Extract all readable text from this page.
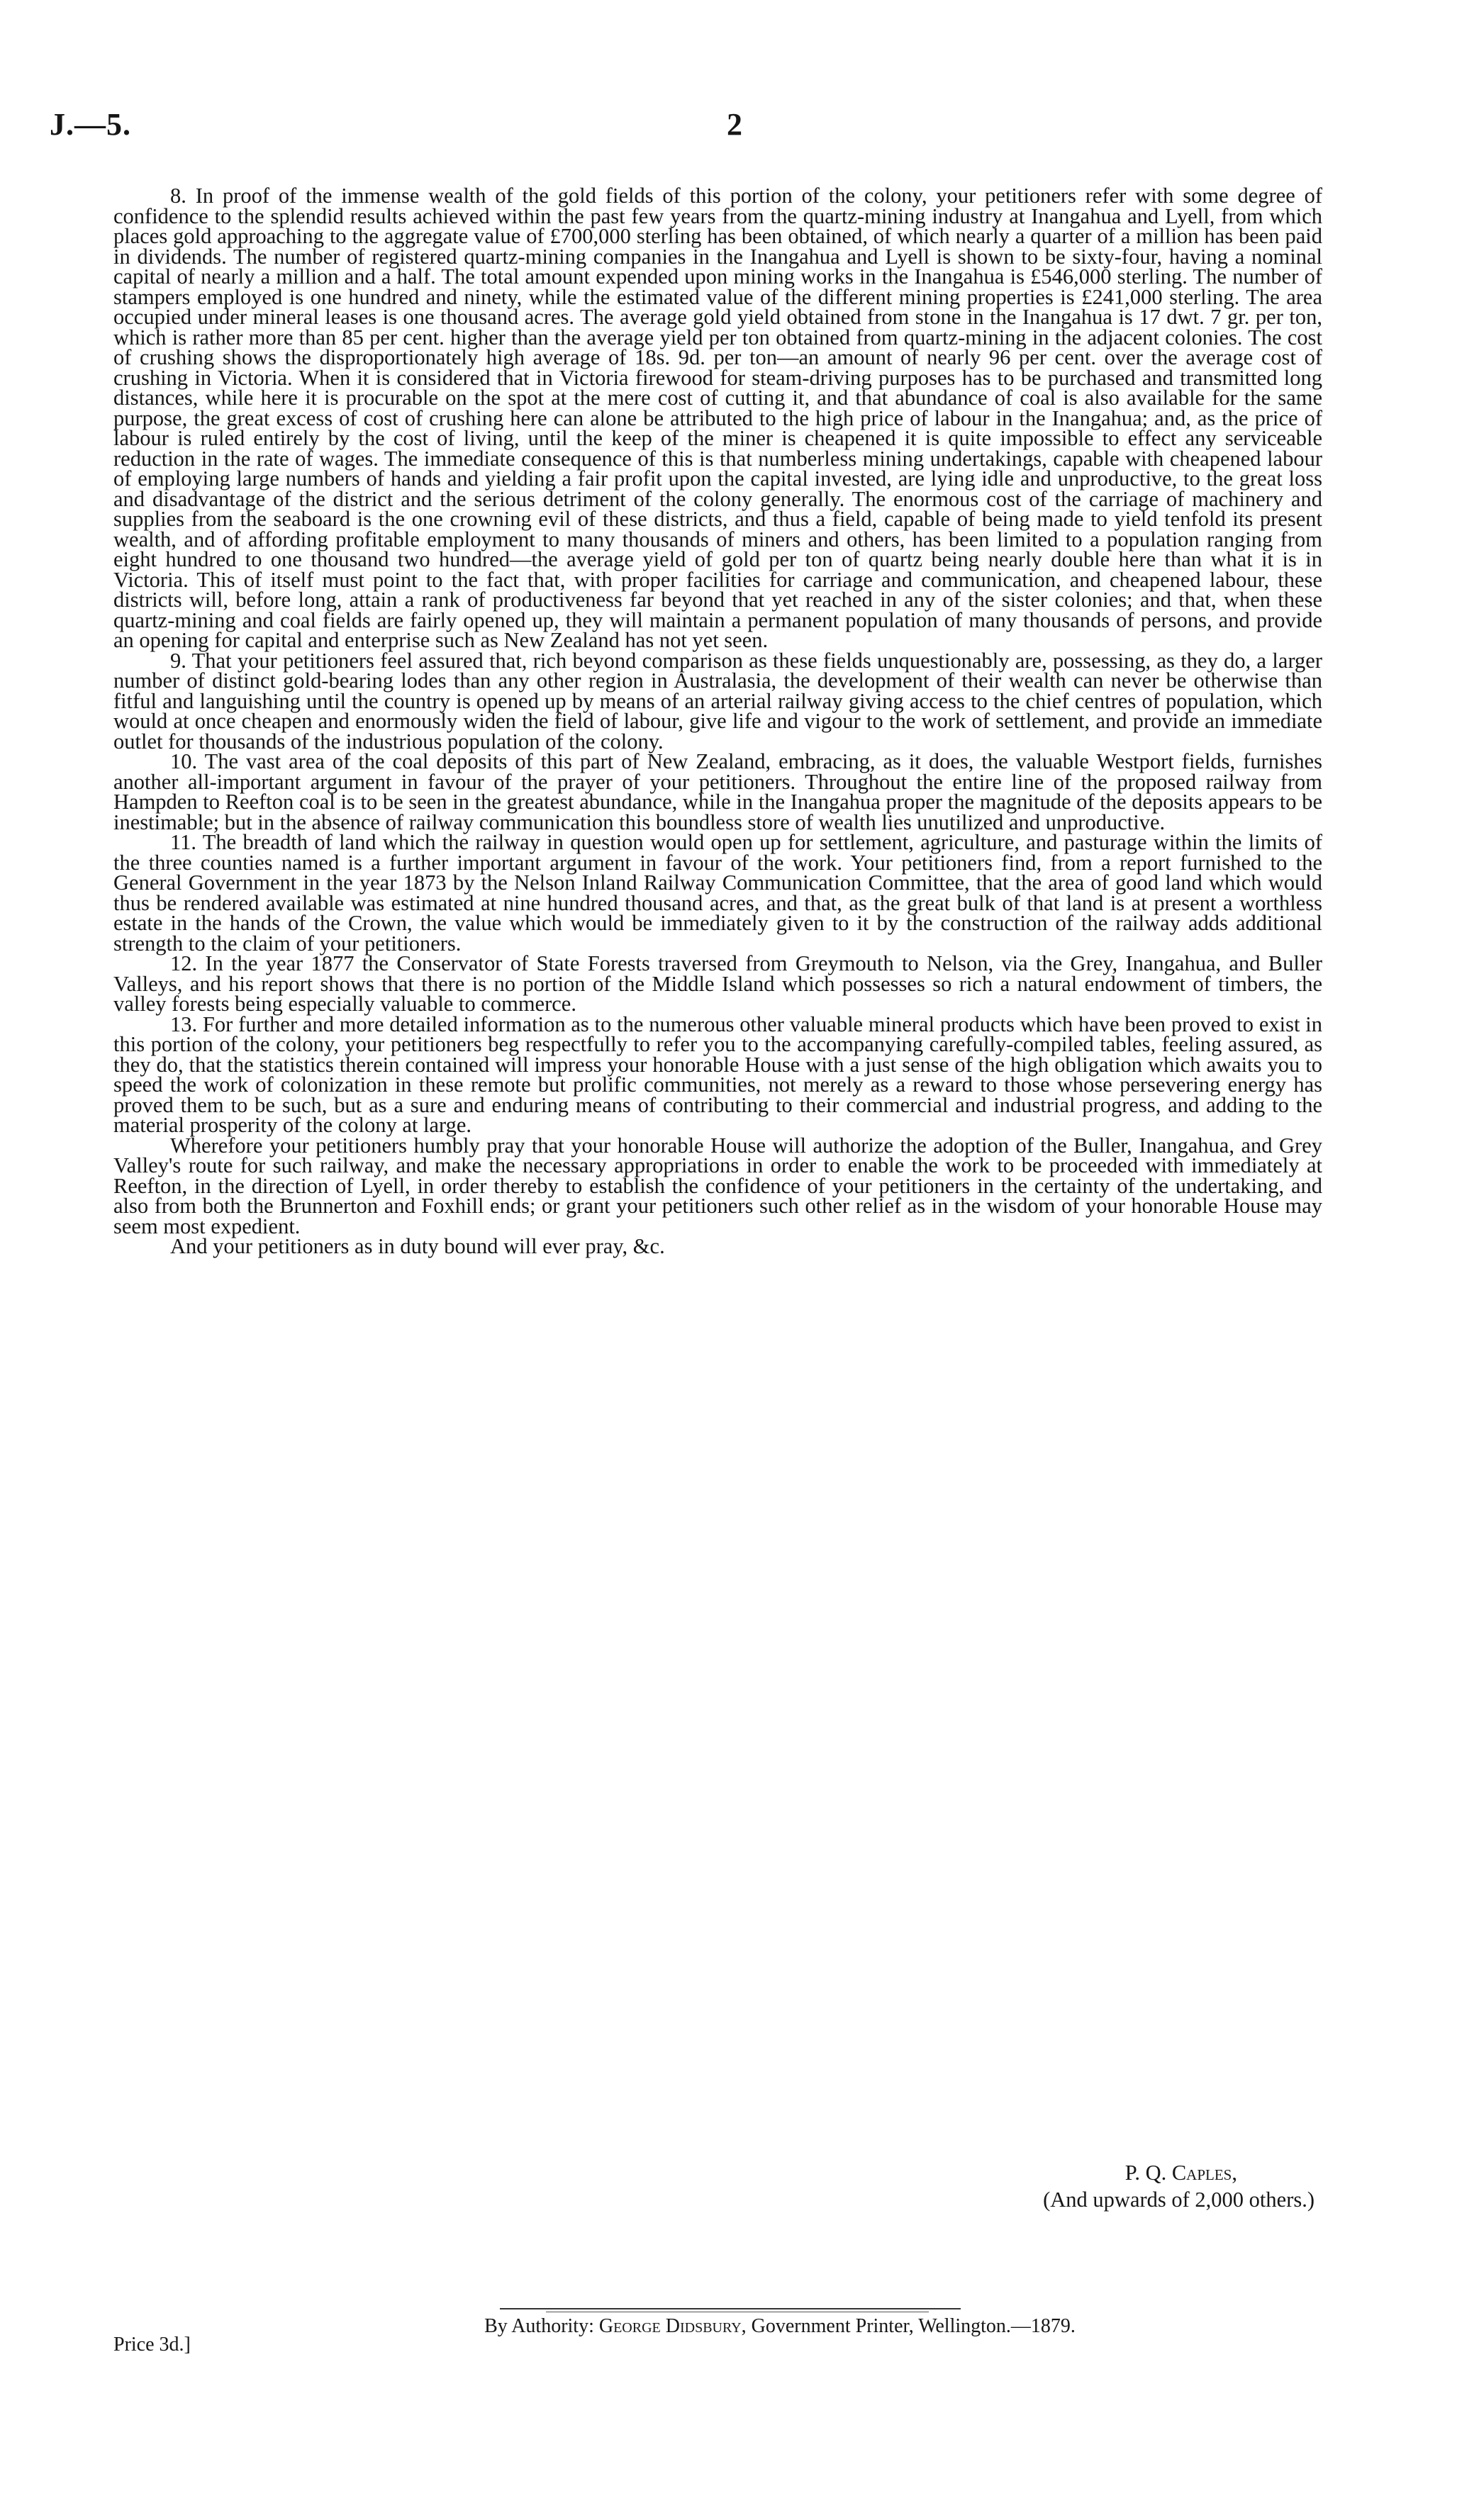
J.—5.	2

8. In proof of the immense wealth of the gold fields of this portion of the colony, your petitioners refer with some degree of confidence to the splendid results achieved within the past few years from the quartz-mining industry at Inangahua and Lyell, from which places gold approaching to the aggregate value of £700,000 sterling has been obtained, of which nearly a quarter of a million has been paid in dividends. The number of registered quartz-mining companies in the Inangahua and Lyell is shown to be sixty-four, having a nominal capital of nearly a million and a half. The total amount expended upon mining works in the Inangahua is £546,000 sterling. The number of stampers employed is one hundred and ninety, while the estimated value of the different mining properties is £241,000 sterling. The area occupied under mineral leases is one thousand acres. The average gold yield obtained from stone in the Inangahua is 17 dwt. 7 gr. per ton, which is rather more than 85 per cent. higher than the average yield per ton obtained from quartz-mining in the adjacent colonies. The cost of crushing shows the disproportionately high average of 18s. 9d. per ton—an amount of nearly 96 per cent. over the average cost of crushing in Victoria. When it is considered that in Victoria firewood for steam-driving purposes has to be purchased and transmitted long distances, while here it is procurable on the spot at the mere cost of cutting it, and that abundance of coal is also available for the same purpose, the great excess of cost of crushing here can alone be attributed to the high price of labour in the Inangahua; and, as the price of labour is ruled entirely by the cost of living, until the keep of the miner is cheapened it is quite impossible to effect any serviceable reduction in the rate of wages. The immediate consequence of this is that numberless mining undertakings, capable with cheapened labour of employing large numbers of hands and yielding a fair profit upon the capital invested, are lying idle and unproductive, to the great loss and disadvantage of the district and the serious detriment of the colony generally. The enormous cost of the carriage of machinery and supplies from the seaboard is the one crowning evil of these districts, and thus a field, capable of being made to yield tenfold its present wealth, and of affording profitable employment to many thousands of miners and others, has been limited to a population ranging from eight hundred to one thousand two hundred—the average yield of gold per ton of quartz being nearly double here than what it is in Victoria. This of itself must point to the fact that, with proper facilities for carriage and communication, and cheapened labour, these districts will, before long, attain a rank of productiveness far beyond that yet reached in any of the sister colonies; and that, when these quartz-mining and coal fields are fairly opened up, they will maintain a permanent population of many thousands of persons, and provide an opening for capital and enterprise such as New Zealand has not yet seen.

9. That your petitioners feel assured that, rich beyond comparison as these fields unquestionably are, possessing, as they do, a larger number of distinct gold-bearing lodes than any other region in Australasia, the development of their wealth can never be otherwise than fitful and languishing until the country is opened up by means of an arterial railway giving access to the chief centres of population, which would at once cheapen and enormously widen the field of labour, give life and vigour to the work of settlement, and provide an immediate outlet for thousands of the industrious population of the colony.

10. The vast area of the coal deposits of this part of New Zealand, embracing, as it does, the valuable Westport fields, furnishes another all-important argument in favour of the prayer of your petitioners. Throughout the entire line of the proposed railway from Hampden to Reefton coal is to be seen in the greatest abundance, while in the Inangahua proper the magnitude of the deposits appears to be inestimable; but in the absence of railway communication this boundless store of wealth lies unutilized and unproductive.

11. The breadth of land which the railway in question would open up for settlement, agriculture, and pasturage within the limits of the three counties named is a further important argument in favour of the work. Your petitioners find, from a report furnished to the General Government in the year 1873 by the Nelson Inland Railway Communication Committee, that the area of good land which would thus be rendered available was estimated at nine hundred thousand acres, and that, as the great bulk of that land is at present a worthless estate in the hands of the Crown, the value which would be immediately given to it by the construction of the railway adds additional strength to the claim of your petitioners.

12. In the year 1877 the Conservator of State Forests traversed from Greymouth to Nelson, via the Grey, Inangahua, and Buller Valleys, and his report shows that there is no portion of the Middle Island which possesses so rich a natural endowment of timbers, the valley forests being especially valuable to commerce.

13. For further and more detailed information as to the numerous other valuable mineral products which have been proved to exist in this portion of the colony, your petitioners beg respectfully to refer you to the accompanying carefully-compiled tables, feeling assured, as they do, that the statistics therein contained will impress your honorable House with a just sense of the high obligation which awaits you to speed the work of colonization in these remote but prolific communities, not merely as a reward to those whose persevering energy has proved them to be such, but as a sure and enduring means of contributing to their commercial and industrial progress, and adding to the material prosperity of the colony at large.

Wherefore your petitioners humbly pray that your honorable House will authorize the adoption of the Buller, Inangahua, and Grey Valley's route for such railway, and make the necessary appropriations in order to enable the work to be proceeded with immediately at Reefton, in the direction of Lyell, in order thereby to establish the confidence of your petitioners in the certainty of the undertaking, and also from both the Brunnerton and Foxhill ends; or grant your petitioners such other relief as in the wisdom of your honorable House may seem most expedient.

And your petitioners as in duty bound will ever pray, &c.

P. Q. Caples,
(And upwards of 2,000 others.)
By Authority: George Didsbury, Government Printer, Wellington.—1879.
Price 3d.]
